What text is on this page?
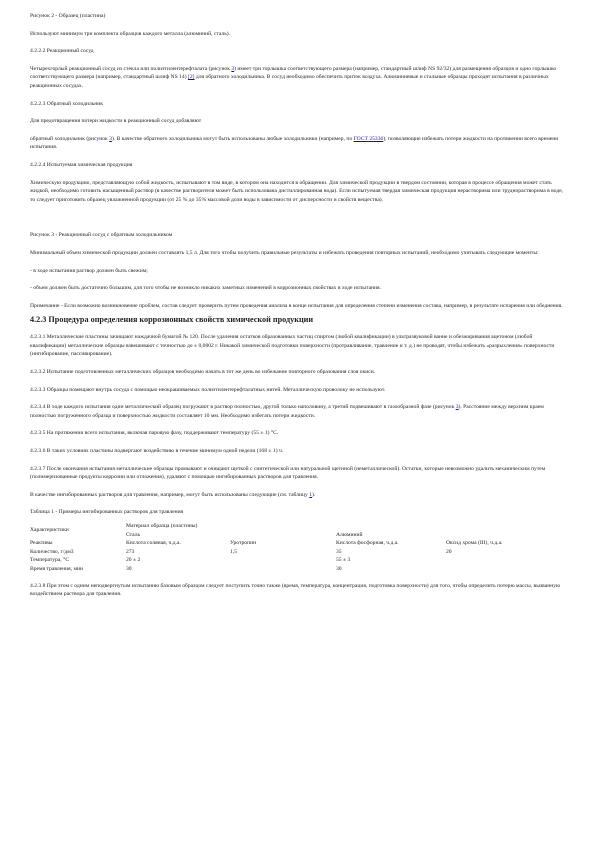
Рисунок 2 - Образец (пластина)

Используют минимум три комплекта образцов каждого металла (алюминий, сталь).

4.2.2.2 Реакционный сосуд

Четырехгорлый реакционный сосуд из стекла или полиэтилентерефталата (рисунок 3) имеет три горлышка соответствующего размера (например, стандартный шлиф NS 92/32) для размещения образцов и одно горлышко соответствующего размера (например, стандартный шлиф NS 14) [2] для обратного холодильника. В сосуд необходимо обеспечить приток воздуха. Алюминиевые и стальные образцы проходят испытания в различных реакционных сосудах.

4.2.2.3 Обратный холодильник

Для предотвращения потери жидкости в реакционный сосуд добавляют

обратный холодильник (рисунок 3). В качестве обратного холодильника могут быть использованы любые холодильники (например, по ГОСТ 25336), позволяющие избежать потери жидкости на протяжении всего времени испытания.

4.2.2.4 Испытуемая химическая продукция

Химическую продукцию, представляющую собой жидкость, испытывают в том виде, в котором она находится в обращении. Для химической продукции в твердом состоянии, которая в процессе обращения может стать жидкой, необходимо готовить насыщенный раствор (в качестве растворителя может быть использована дистиллированная вода). Если испытуемая твердая химическая продукция нерастворима или труднорастворима в воде, то следует приготовить образец увлажненной продукции (от 25 % до 35% массовой доли воды в зависимости от дисперсности и свойств вещества).

Рисунок 3 - Реакционный сосуд с обратным холодильником

Минимальный объем химической продукции должен составлять 1,5 л. Для того чтобы получить правильные результаты и избежать проведения повторных испытаний, необходимо учитывать следующие моменты:

- в ходе испытания раствор должен быть свежим;

- объем должен быть достаточно большим, для того чтобы не возникло никаких заметных изменений в коррозионных свойствах в ходе испытания.

Примечание - Если возможно возникновение проблем, состав следует проверить путем проведения анализа в конце испытания для определения степени изменения состава, например, в результате испарения или обеднения.

4.2.3 Процедура определения коррозионных свойств химической продукции

4.2.3.1 Металлические пластины зачищают наждачной бумагой № 120. После удаления остатков образованных частиц спиртом (любой квалификации) в ультразвуковой ванне и обезжиривания ацетоном (любой квалификации) металлические образцы взвешивают с точностью до ± 0,0002 г. Никакой химической подготовки поверхности (протравливание, травление и т. д.) не проводят, чтобы избежать «разрыхления» поверхности (ингибирование, пассивирование).

4.2.3.2 Испытание подготовленных металлических образцов необходимо начать в тот же день во избежание повторного образования слоя окиси.

4.2.3.3 Образцы помещают внутрь сосуда с помощью неокрашиваемых полиэтилентерефталатных нитей. Металлическую проволоку не используют.

4.2.3.4 В ходе каждого испытания один металлический образец погружают в раствор полностью, другой только наполовину, а третий подвешивают в газообразной фазе (рисунок 3). Расстояние между верхним краем полностью погруженного образца и поверхностью жидкости составляет 10 мм. Необходимо избегать потери жидкости.

4.2.3.5 На протяжении всего испытания, включая паровую фазу, поддерживают температуру (55 ± 1) °С.

4.2.3.6 В таких условиях пластины подвергают воздействию в течение минимум одной недели (168 ± 1) ч.

4.2.3.7 После окончания испытания металлические образцы промывают и очищают щеткой с синтетической или натуральной щетиной (неметаллической). Остатки, которые невозможно удалить механическим путем (полимеризованные продукты коррозии или отложения), удаляют с помощью ингибированных растворов для травления.

В качестве ингибированных растворов для травления, например, могут быть использованы следующие (см. таблицу 1).

Таблица 1 - Примеры ингибированных растворов для травления

Характеристики	Материал образца (пластины)			
	Сталь		Алюминий	
Реактивы	Кислота соляная, ч.д.а.	Уротропин	Кислота фосфорная, ч.д.а.	Оксид хрома (III), ч.д.а.
Количество, г/дм3	273	1,5	35	20
Температура, °С	20 ± 2		55 ± 3	
Время травления, мин	30		30	

4.2.3.8 При этом с одним неподвергнутым испытанию базовым образцом следует поступить точно также (время, температура, концентрация, подготовка поверхности) для того, чтобы определить потерю массы, вызванную воздействием раствора для травления.
